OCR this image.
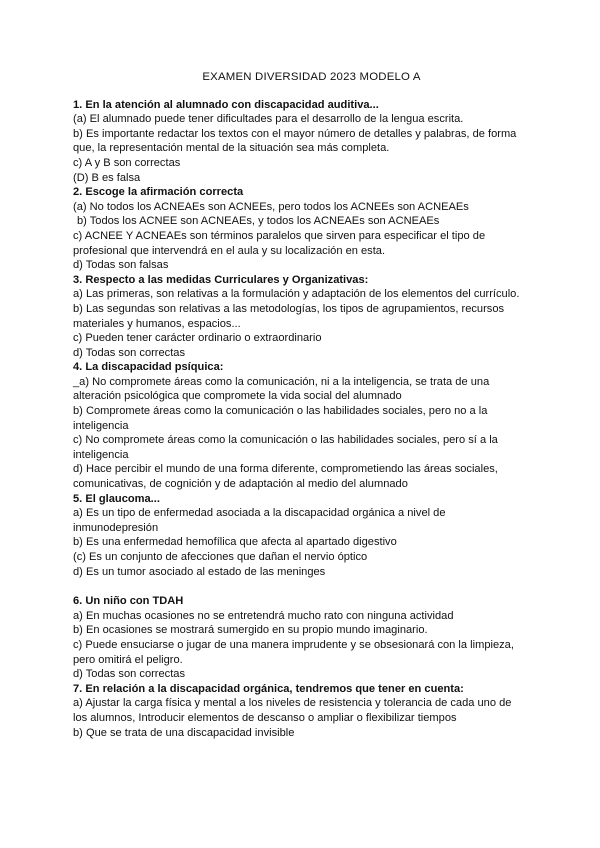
EXAMEN DIVERSIDAD 2023 MODELO A
1. En la atención al alumnado con discapacidad auditiva...
(a) El alumnado puede tener dificultades para el desarrollo de la lengua escrita.
b) Es importante redactar los textos con el mayor número de detalles y palabras, de forma
que, la representación mental de la situación sea más completa.
c) A y B son correctas
(D) B es falsa
2. Escoge la afirmación correcta
(a) No todos los ACNEAEs son ACNEEs, pero todos los ACNEEs son ACNEAEs
b) Todos los ACNEE son ACNEAEs, y todos los ACNEAEs son ACNEAEs
c) ACNEE Y ACNEAEs son términos paralelos que sirven para especificar el tipo de
profesional que intervendrá en el aula y su localización en esta.
d) Todas son falsas
3. Respecto a las medidas Curriculares y Organizativas:
a) Las primeras, son relativas a la formulación y adaptación de los elementos del currículo.
b) Las segundas son relativas a las metodologías, los tipos de agrupamientos, recursos
materiales y humanos, espacios...
c) Pueden tener carácter ordinario o extraordinario
d) Todas son correctas
4. La discapacidad psíquica:
_a) No compromete áreas como la comunicación, ni a la inteligencia, se trata de una
alteración psicológica que compromete la vida social del alumnado
b) Compromete áreas como la comunicación o las habilidades sociales, pero no a la
inteligencia
c) No compromete áreas como la comunicación o las habilidades sociales, pero sí a la
inteligencia
d) Hace percibir el mundo de una forma diferente, comprometiendo las áreas sociales,
comunicativas, de cognición y de adaptación al medio del alumnado
5. El glaucoma...
a) Es un tipo de enfermedad asociada a la discapacidad orgánica a nivel de
inmunodepresión
b) Es una enfermedad hemofílica que afecta al apartado digestivo
(c) Es un conjunto de afecciones que dañan el nervio óptico
d) Es un tumor asociado al estado de las meninges
6. Un niño con TDAH
a) En muchas ocasiones no se entretendrá mucho rato con ninguna actividad
b) En ocasiones se mostrará sumergido en su propio mundo imaginario.
c) Puede ensuciarse o jugar de una manera imprudente y se obsesionará con la limpieza,
pero omitirá el peligro.
d) Todas son correctas
7. En relación a la discapacidad orgánica, tendremos que tener en cuenta:
a) Ajustar la carga física y mental a los niveles de resistencia y tolerancia de cada uno de
los alumnos, Introducir elementos de descanso o ampliar o flexibilizar tiempos
b) Que se trata de una discapacidad invisible
